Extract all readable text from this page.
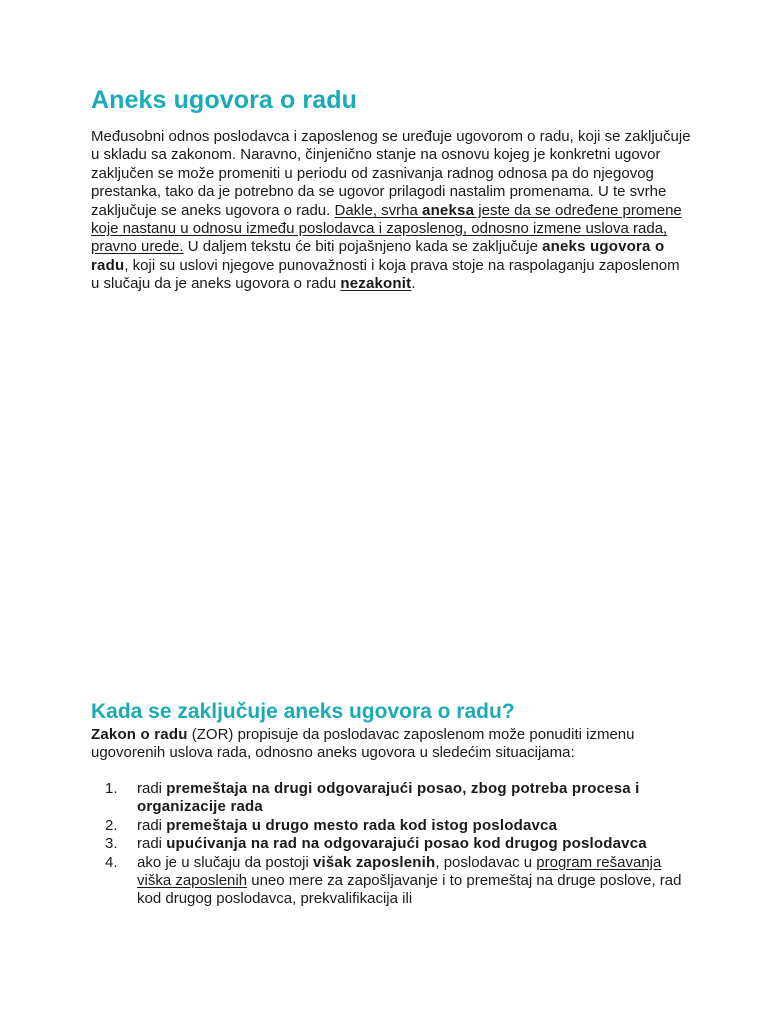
Aneks ugovora o radu

Međusobni odnos poslodavca i zaposlenog se uređuje ugovorom o radu, koji se zaključuje u skladu sa zakonom. Naravno, činjenično stanje na osnovu kojeg je konkretni ugovor zaključen se može promeniti u periodu od zasnivanja radnog odnosa pa do njegovog prestanka, tako da je potrebno da se ugovor prilagodi nastalim promenama. U te svrhe zaključuje se aneks ugovora o radu. Dakle, svrha aneksa jeste da se određene promene koje nastanu u odnosu između poslodavca i zaposlenog, odnosno izmene uslova rada, pravno urede. U daljem tekstu će biti pojašnjeno kada se zaključuje aneks ugovora o radu, koji su uslovi njegove punovažnosti i koja prava stoje na raspolaganju zaposlenom u slučaju da je aneks ugovora o radu nezakonit.

Kada se zaključuje aneks ugovora o radu?

Zakon o radu (ZOR) propisuje da poslodavac zaposlenom može ponuditi izmenu ugovorenih uslova rada, odnosno aneks ugovora u sledećim situacijama:

1. radi premeštaja na drugi odgovarajući posao, zbog potreba procesa i organizacije rada
2. radi premeštaja u drugo mesto rada kod istog poslodavca
3. radi upućivanja na rad na odgovarajući posao kod drugog poslodavca
4. ako je u slučaju da postoji višak zaposlenih, poslodavac u program rešavanja viška zaposlenih uneo mere za zapošljavanje i to premeštaj na druge poslove, rad kod drugog poslodavca, prekvalifikacija ili
